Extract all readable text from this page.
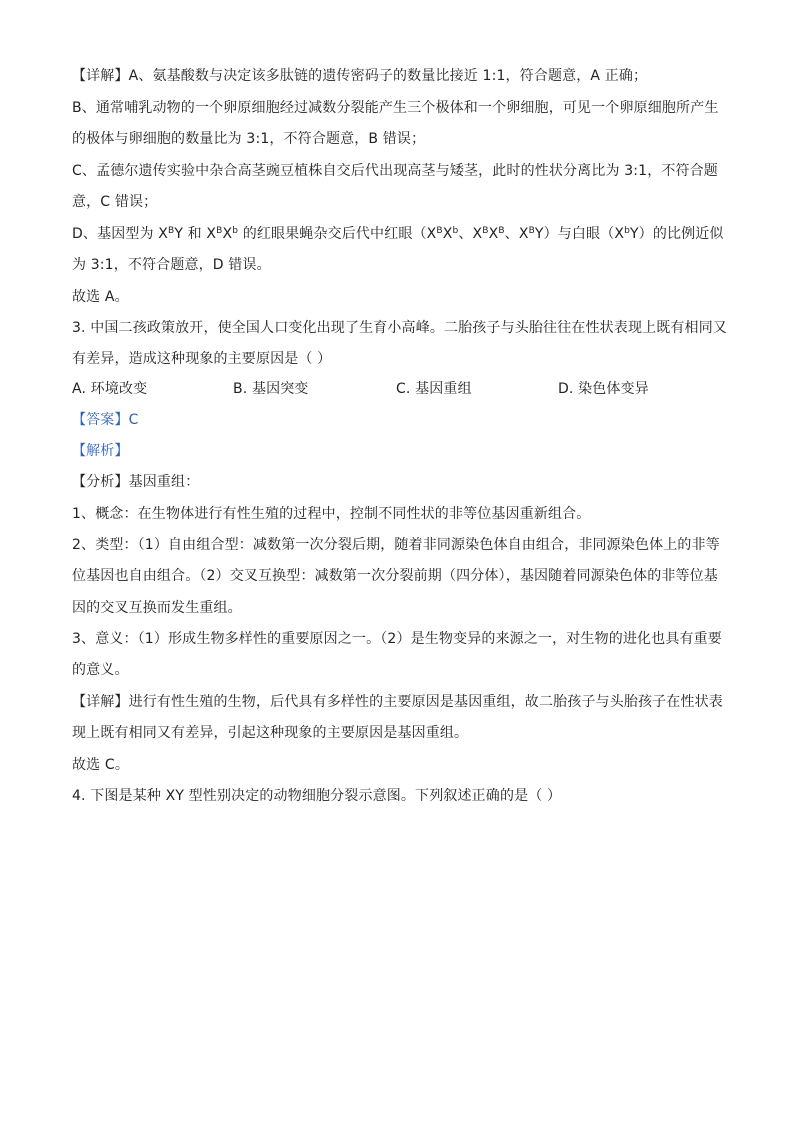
【详解】A、氨基酸数与决定该多肽链的遗传密码子的数量比接近 1:1，符合题意，A 正确；
B、通常哺乳动物的一个卵原细胞经过减数分裂能产生三个极体和一个卵细胞，可见一个卵原细胞所产生
的极体与卵细胞的数量比为 3:1，不符合题意，B 错误；
C、孟德尔遗传实验中杂合高茎豌豆植株自交后代出现高茎与矮茎，此时的性状分离比为 3:1，不符合题
意，C 错误；
D、基因型为 $X^BY$ 和 $X^BX^b$ 的红眼果蝇杂交后代中红眼（$X^BX^b$、$X^BX^B$、$X^BY$）与白眼$(X^bY)$的比例近似
为 3:1，不符合题意，D 错误。
故选 A。
3. 中国二孩政策放开，使全国人口变化出现了生育小高峰。二胎孩子与头胎往往在性状表现上既有相同又
有差异，造成这种现象的主要原因是（ ）
A. 环境改变	B. 基因突变	C. 基因重组	D. 染色体变异
【答案】C
【解析】
【分析】基因重组：
1、概念：在生物体进行有性生殖的过程中，控制不同性状的非等位基因重新组合。
2、类型：（1）自由组合型：减数第一次分裂后期，随着非同源染色体自由组合，非同源染色体上的非等
位基因也自由组合。（2）交叉互换型：减数第一次分裂前期（四分体），基因随着同源染色体的非等位基
因的交叉互换而发生重组。
3、意义：（1）形成生物多样性的重要原因之一。（2）是生物变异的来源之一，对生物的进化也具有重要
的意义。
【详解】进行有性生殖的生物，后代具有多样性的主要原因是基因重组，故二胎孩子与头胎孩子在性状表
现上既有相同又有差异，引起这种现象的主要原因是基因重组。
故选 C。
4. 下图是某种 XY 型性别决定的动物细胞分裂示意图。下列叙述正确的是（ ）
